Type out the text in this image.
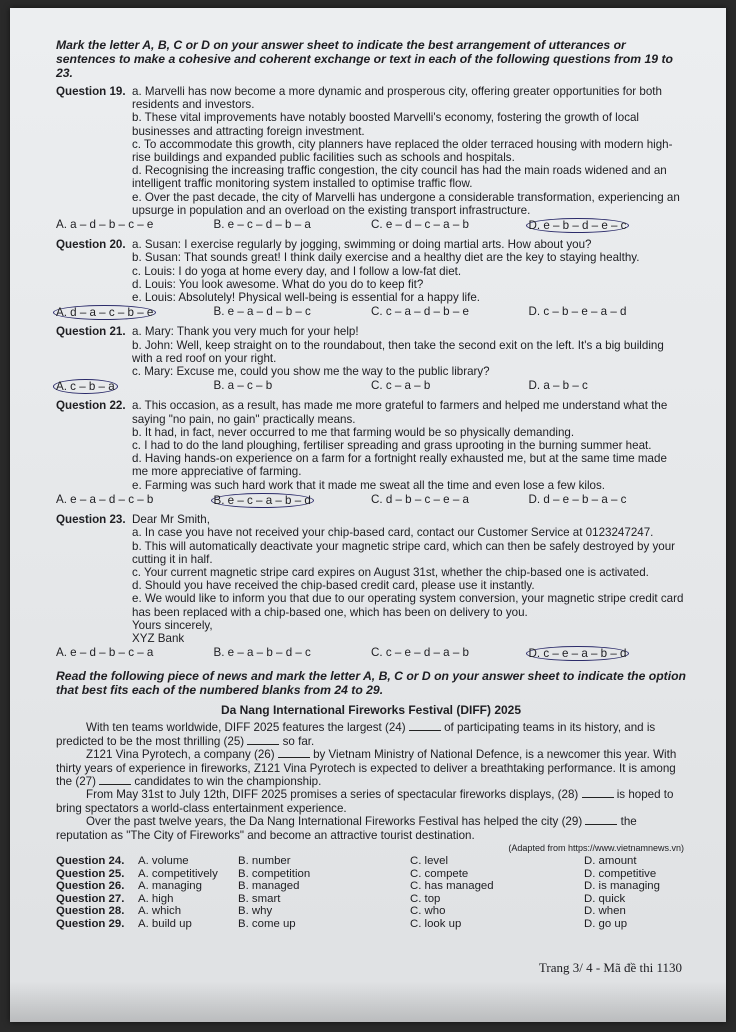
Mark the letter A, B, C or D on your answer sheet to indicate the best arrangement of utterances or sentences to make a cohesive and coherent exchange or text in each of the following questions from 19 to 23.
Question 19. a. Marvelli has now become a more dynamic and prosperous city, offering greater opportunities for both residents and investors.
b. These vital improvements have notably boosted Marvelli's economy, fostering the growth of local businesses and attracting foreign investment.
c. To accommodate this growth, city planners have replaced the older terraced housing with modern high-rise buildings and expanded public facilities such as schools and hospitals.
d. Recognising the increasing traffic congestion, the city council has had the main roads widened and an intelligent traffic monitoring system installed to optimise traffic flow.
e. Over the past decade, the city of Marvelli has undergone a considerable transformation, experiencing an upsurge in population and an overload on the existing transport infrastructure.
A. a – d – b – c – e	B. e – c – d – b – a	C. e – d – c – a – b	D. e – b – d – e – c
Question 20. a. Susan: I exercise regularly by jogging, swimming or doing martial arts. How about you?
b. Susan: That sounds great! I think daily exercise and a healthy diet are the key to staying healthy.
c. Louis: I do yoga at home every day, and I follow a low-fat diet.
d. Louis: You look awesome. What do you do to keep fit?
e. Louis: Absolutely! Physical well-being is essential for a happy life.
A. d – a – c – b – e	B. e – a – d – b – c	C. c – a – d – b – e	D. c – b – e – a – d
Question 21. a. Mary: Thank you very much for your help!
b. John: Well, keep straight on to the roundabout, then take the second exit on the left. It's a big building with a red roof on your right.
c. Mary: Excuse me, could you show me the way to the public library?
A. c – b – a	B. a – c – b	C. c – a – b	D. a – b – c
Question 22. a. This occasion, as a result, has made me more grateful to farmers and helped me understand what the saying "no pain, no gain" practically means.
b. It had, in fact, never occurred to me that farming would be so physically demanding.
c. I had to do the land ploughing, fertiliser spreading and grass uprooting in the burning summer heat.
d. Having hands-on experience on a farm for a fortnight really exhausted me, but at the same time made me more appreciative of farming.
e. Farming was such hard work that it made me sweat all the time and even lose a few kilos.
A. e – a – d – c – b	B. e – c – a – b – d	C. d – b – c – e – a	D. d – e – b – a – c
Question 23. Dear Mr Smith,
a. In case you have not received your chip-based card, contact our Customer Service at 0123247247.
b. This will automatically deactivate your magnetic stripe card, which can then be safely destroyed by your cutting it in half.
c. Your current magnetic stripe card expires on August 31st, whether the chip-based one is activated.
d. Should you have received the chip-based credit card, please use it instantly.
e. We would like to inform you that due to our operating system conversion, your magnetic stripe credit card has been replaced with a chip-based one, which has been on delivery to you.
Yours sincerely,
XYZ Bank
A. e – d – b – c – a	B. e – a – b – d – c	C. c – e – d – a – b	D. c – e – a – b – d
Read the following piece of news and mark the letter A, B, C or D on your answer sheet to indicate the option that best fits each of the numbered blanks from 24 to 29.
Da Nang International Fireworks Festival (DIFF) 2025
With ten teams worldwide, DIFF 2025 features the largest (24)	of participating teams in its history, and is predicted to be the most thrilling (25)	so far.
Z121 Vina Pyrotech, a company (26)	by Vietnam Ministry of National Defence, is a newcomer this year. With thirty years of experience in fireworks, Z121 Vina Pyrotech is expected to deliver a breathtaking performance. It is among the (27)	candidates to win the championship.
From May 31st to July 12th, DIFF 2025 promises a series of spectacular fireworks displays, (28)	is hoped to bring spectators a world-class entertainment experience.
Over the past twelve years, the Da Nang International Fireworks Festival has helped the city (29)	the reputation as "The City of Fireworks" and become an attractive tourist destination.
(Adapted from https://www.vietnamnews.vn)
Question 24.	A. volume	B. number	C. level	D. amount
Question 25.	A. competitively	B. competition	C. compete	D. competitive
Question 26.	A. managing	B. managed	C. has managed	D. is managing
Question 27.	A. high	B. smart	C. top	D. quick
Question 28.	A. which	B. why	C. who	D. when
Question 29.	A. build up	B. come up	C. look up	D. go up
Trang 3/ 4 - Mã đề thi 1130
